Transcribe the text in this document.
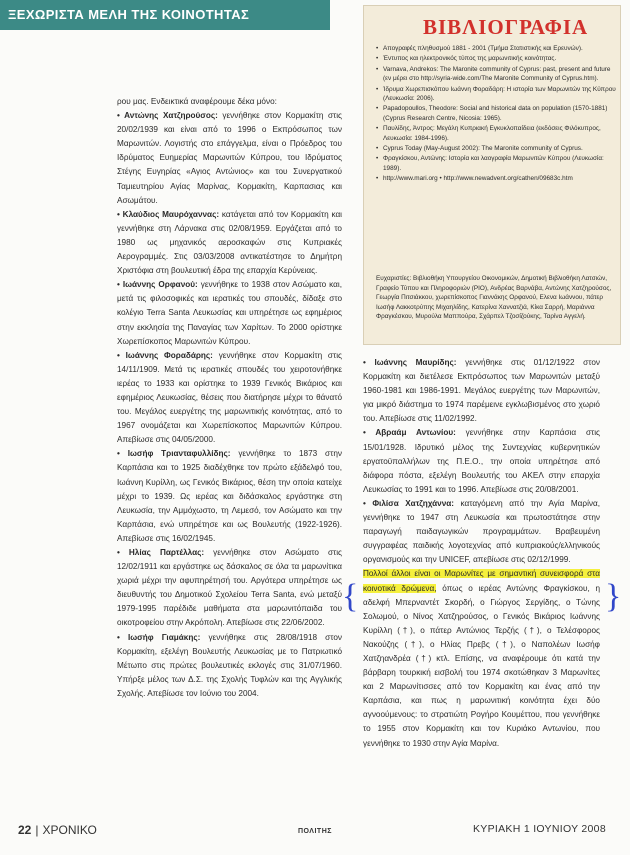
ΞΕΧΩΡΙΣΤΑ ΜΕΛΗ ΤΗΣ ΚΟΙΝΟΤΗΤΑΣ

ρου μας. Ενδεικτικά αναφέρουμε δέκα μόνο:

• Αντώνης Χατζηρούσος: γεννήθηκε στον Κορμακίτη στις 20/02/1939 και είναι από το 1996 ο Εκπρόσωπος των Μαρωνιτών. Λογιστής στο επάγγελμα, είναι ο Πρόεδρος του Ιδρύματος Ευημερίας Μαρωνιτών Κύπρου, του Ιδρύματος Στέγης Ευγηρίας «Αγιος Αντώνιος» και του Συνεργατικού Ταμιευτηρίου Αγίας Μαρίνας, Κορμακίτη, Καρπασιας και Ασωμάτου.

• Κλαύδιος Μαυρόχαννας: κατάγεται από τον Κορμακίτη και γεννήθηκε στη Λάρνακα στις 02/08/1959. Εργάζεται από το 1980 ως μηχανικός αεροσκαφών στις Κυπριακές Αερογραμμές. Στις 03/03/2008 αντικατέστησε το Δημήτρη Χριστόφια στη βουλευτική έδρα της επαρχία Κερύνειας.

• Ιωάννης Ορφανού: γεννήθηκε το 1938 στον Ασώματο και, μετά τις φιλοσοφικές και ιερατικές του σπουδές, δίδαξε στο κολέγιο Terra Santa Λευκωσίας και υπηρέτησε ως εφημέριος στην εκκλησία της Παναγίας των Χαρίτων. Το 2000 ορίστηκε Χωρεπίσκοπος Μαρωνιτών Κύπρου.

• Ιωάννης Φοραδάρης: γεννήθηκε στον Κορμακίτη στις 14/11/1909. Μετά τις ιερατικές σπουδές του χειροτονήθηκε ιερέας το 1933 και ορίστηκε το 1939 Γενικός Βικάριος και εφημέριος Λευκωσίας, θέσεις που διατήρησε μέχρι το θάνατό του. Μεγάλος ευεργέτης της μαρωνιτικής κοινότητας, από το 1967 ονομάζεται και Χωρεπίσκοπος Μαρωνιτών Κύπρου. Απεβίωσε στις 04/05/2000.

• Ιωσήφ Τριανταφυλλίδης: γεννήθηκε το 1873 στην Καρπάσια και το 1925 διαδέχθηκε τον πρώτο εξάδελφό του, Ιωάννη Κυρίλλη, ως Γενικός Βικάριος, θέση την οποία κατείχε μέχρι το 1939. Ως ιερέας και διδάσκαλος εργάστηκε στη Λευκωσία, την Αμμόχωστο, τη Λεμεσό, τον Ασώματο και την Καρπάσια, ενώ υπηρέτησε και ως Βουλευτής (1922-1926). Απεβίωσε στις 16/02/1945.

• Ηλίας Παρτέλλας: γεννήθηκε στον Ασώματο στις 12/02/1911 και εργάστηκε ως δάσκαλος σε όλα τα μαρωνίτικα χωριά μέχρι την αφυπηρέτησή του. Αργότερα υπηρέτησε ως διευθυντής του Δημοτικού Σχολείου Terra Santa, ενώ μεταξύ 1979-1995 παρέδιδε μαθήματα στα μαρωνιτόπαιδα του οικοτροφείου στην Ακρόπολη. Απεβίωσε στις 22/06/2002.

• Ιωσήφ Γιαμάκης: γεννήθηκε στις 28/08/1918 στον Κορμακίτη, εξελέγη Βουλευτής Λευκωσίας με το Πατριωτικό Μέτωπο στις πρώτες βουλευτικές εκλογές στις 31/07/1960. Υπήρξε μέλος των Δ.Σ. της Σχολής Τυφλών και της Αγγλικής Σχολής. Απεβίωσε τον Ιούνιο του 2004.

ΒΙΒΛΙΟΓΡΑΦΙΑ
• Απογραφές πληθυσμού 1881 - 2001 (Τμήμα Στατιστικής και Ερευνών).
• Έντυπος και ηλεκτρονικός τύπος της μαρωνιτικής κοινότητας.
• Varnava, Andrekos: The Maronite community of Cyprus: past, present and future (εν μέρει στο http://syria-wide.com/The Maronite Community of Cyprus.htm).
• Ίδρυμα Χωρεπισκόπου Ιωάννη Φοραδάρη: Η ιστορία των Μαρωνιτών της Κύπρου (Λευκωσία: 2006).
• Papadopoullos, Theodore: Social and historical data on population (1570-1881) (Cyprus Research Centre, Nicosia: 1965).
• Παυλίδης, Άντρος: Μεγάλη Κυπριακή Εγκυκλοπαίδεια (εκδόσεις Φιλόκυπρος, Λευκωσία: 1984-1996).
• Cyprus Today (May-August 2002): The Maronite community of Cyprus.
• Φραγκίσκου, Αντώνης: Ιστορία και λαογραφία Μαρωνιτών Κύπρου (Λευκωσία: 1989).
• http://www.mari.org • http://www.newadvent.org/cathen/09683c.htm

Ευχαριστίες: Βιβλιοθήκη Υπουργείου Οικονομικών, Δημοτική Βιβλιοθήκη Λατσιών, Γραφείο Τύπου και Πληροφοριών (PIO), Ανδρέας Βαρνάβα, Αντώνης Χατζηρούσος, Γεωργία Πιτσιάκκου, χωρεπίσκοπος Γιαννάκης Ορφανού, Ελενα Ιωάννου, πάτερ Ιωσήφ Λακκοτρύπης Μιχαηλίδης, Κατερίνα Χαννατζιά, Κίκα Σαρρή, Μαριάννα Φραγκέσκου, Μυρούλα Μαππούρα, Σχάρπελ Τζοσίζούκης, Ταρίνα Αγγελή.

• Ιωάννης Μαυρίδης: γεννήθηκε στις 01/12/1922 στον Κορμακίτη και διετέλεσε Εκπρόσωπος των Μαρωνιτών μεταξύ 1960-1981 και 1986-1991. Μεγάλος ευεργέτης των Μαρωνιτών, για μικρό διάστημα το 1974 παρέμεινε εγκλωβισμένος στο χωριό του. Απεβίωσε στις 11/02/1992.

• Αβραάμ Αντωνίου: γεννήθηκε στην Καρπάσια στις 15/01/1928. Ιδρυτικό μέλος της Συντεχνίας κυβερνητικών εργατοϋπαλλήλων της Π.Ε.Ο., την οποία υπηρέτησε από διάφορα πόστα, εξελέγη Βουλευτής του ΑΚΕΛ στην επαρχία Λευκωσίας το 1991 και το 1996. Απεβίωσε στις 20/08/2001.

• Φιλίσα Χατζηχάννα: καταγόμενη από την Αγία Μαρίνα, γεννήθηκε το 1947 στη Λευκωσία και πρωτοστάτησε στην παραγωγή παιδαγωγικών προγραμμάτων. Βραβευμένη συγγραφέας παιδικής λογοτεχνίας από κυπριακούς/ελληνικούς οργανισμούς και την UNICEF, απεβίωσε στις 02/12/1999.

Πολλοί άλλοι είναι οι Μαρωνίτες με σημαντική συνεισφορά στα κοινοτικά δρώμενα, όπως ο ιερέας Αντώνης Φραγκίσκου, η αδελφή Μπερναντέτ Σκορδή, ο Γιώργος Σεργίδης, ο Τώνης Σολωμού, ο Νίνος Χατζηρούσος, ο Γενικός Βικάριος Ιωάννης Κυρίλλη (†), ο πάτερ Αντώνιος Τερζής (†), ο Τελέσφορος Νακούζης (†), ο Ηλίας Πρεβς (†), ο Ναπολέων Ιωσήφ Χατζηανδρέα (†) κτλ. Επίσης, να αναφέρουμε ότι κατά την βάρβαρη τουρκική εισβολή του 1974 σκοτώθηκαν 3 Μαρωνίτες και 2 Μαρωνίτισσες από τον Κορμακίτη και ένας από την Καρπάσια, και πως η μαρωνιτική κοινότητα έχει δύο αγνοούμενους: το στρατιώτη Ρογήρο Κουμέττου, που γεννήθηκε το 1955 στον Κορμακίτη και τον Κυριάκο Αντωνίου, που γεννήθηκε το 1930 στην Αγία Μαρίνα.

{	}
22 | ΧΡΟΝΙΚΟ	ΠΟΛΙΤΗΣ	ΚΥΡΙΑΚΗ 1 ΙΟΥΝΙΟΥ 2008
